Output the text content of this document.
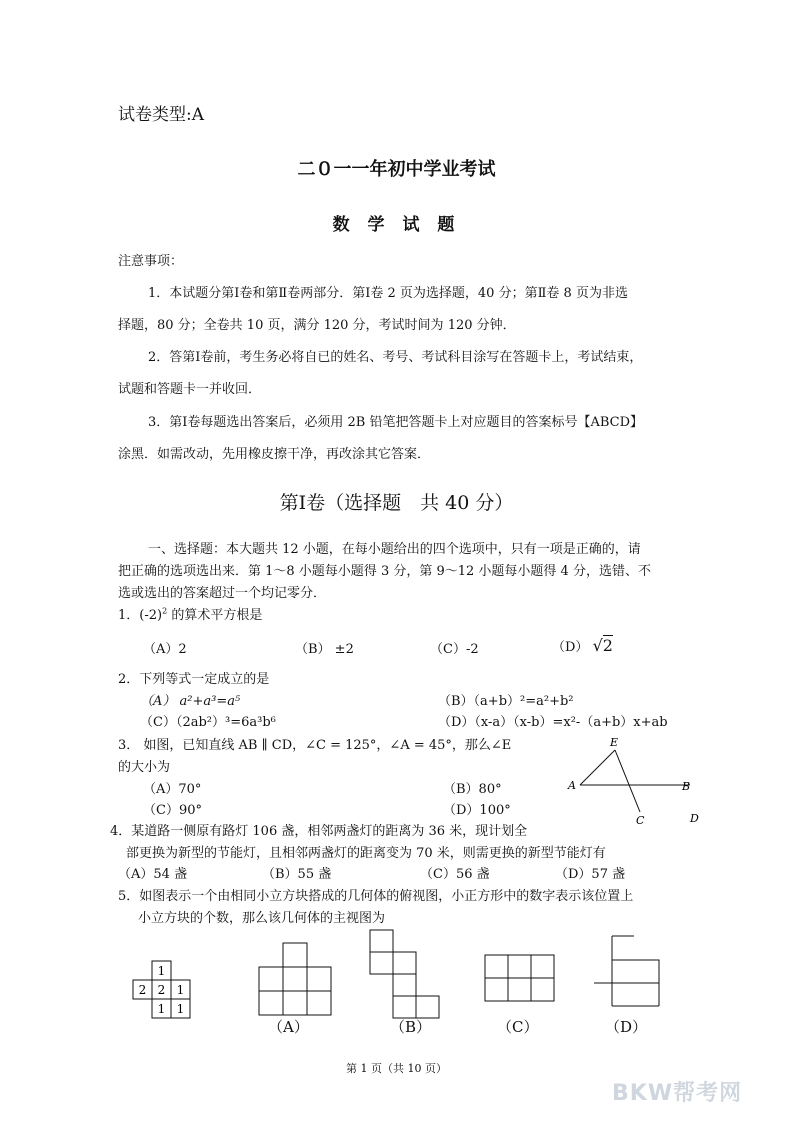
试卷类型:A
二０一一年初中学业考试
数 学 试 题
注意事项：
1．本试题分第Ⅰ卷和第Ⅱ卷两部分．第Ⅰ卷 2 页为选择题，40 分；第Ⅱ卷 8 页为非选
择题，80 分；全卷共 10 页，满分 120 分，考试时间为 120 分钟．
2．答第Ⅰ卷前，考生务必将自已的姓名、考号、考试科目涂写在答题卡上，考试结束，
试题和答题卡一并收回．
3．第Ⅰ卷每题选出答案后，必须用 2B 铅笔把答题卡上对应题目的答案标号【ABCD】
涂黑．如需改动，先用橡皮擦干净，再改涂其它答案．
第Ⅰ卷（选择题　共 40 分）
一、选择题：本大题共 12 小题，在每小题给出的四个选项中，只有一项是正确的，请
把正确的选项选出来．第 1～8 小题每小题得 3 分，第 9～12 小题每小题得 4 分，选错、不
选或选出的答案超过一个均记零分．
1．$(-2)^2$ 的算术平方根是
（A）2	（B） ±2	（C）-2	（D） √2
2．下列等式一定成立的是
（A） a²+a³=a⁵	（B）（a+b）²=a²+b²
（C）（2ab²）³=6a³b⁶	（D）（x-a）（x-b）=x²-（a+b）x+ab
3． 如图，已知直线 AB ∥ CD，∠C = 125°，∠A = 45°，那么∠E
的大小为
（A）70°	（B）80°
（C）90°	（D）100°
E
A	B
C	D
4．某道路一侧原有路灯 106 盏，相邻两盏灯的距离为 36 米，现计划全
部更换为新型的节能灯，且相邻两盏灯的距离变为 70 米，则需更换的新型节能灯有
（A）54 盏	（B）55 盏	（C）56 盏	（D）57 盏
5．如图表示一个由相同小立方块搭成的几何体的俯视图，小正方形中的数字表示该位置上
小立方块的个数，那么该几何体的主视图为
1
2 2 1
1 1
（A）	（B）	（C）	（D）
第 1 页（共 10 页）
BKW帮考网
